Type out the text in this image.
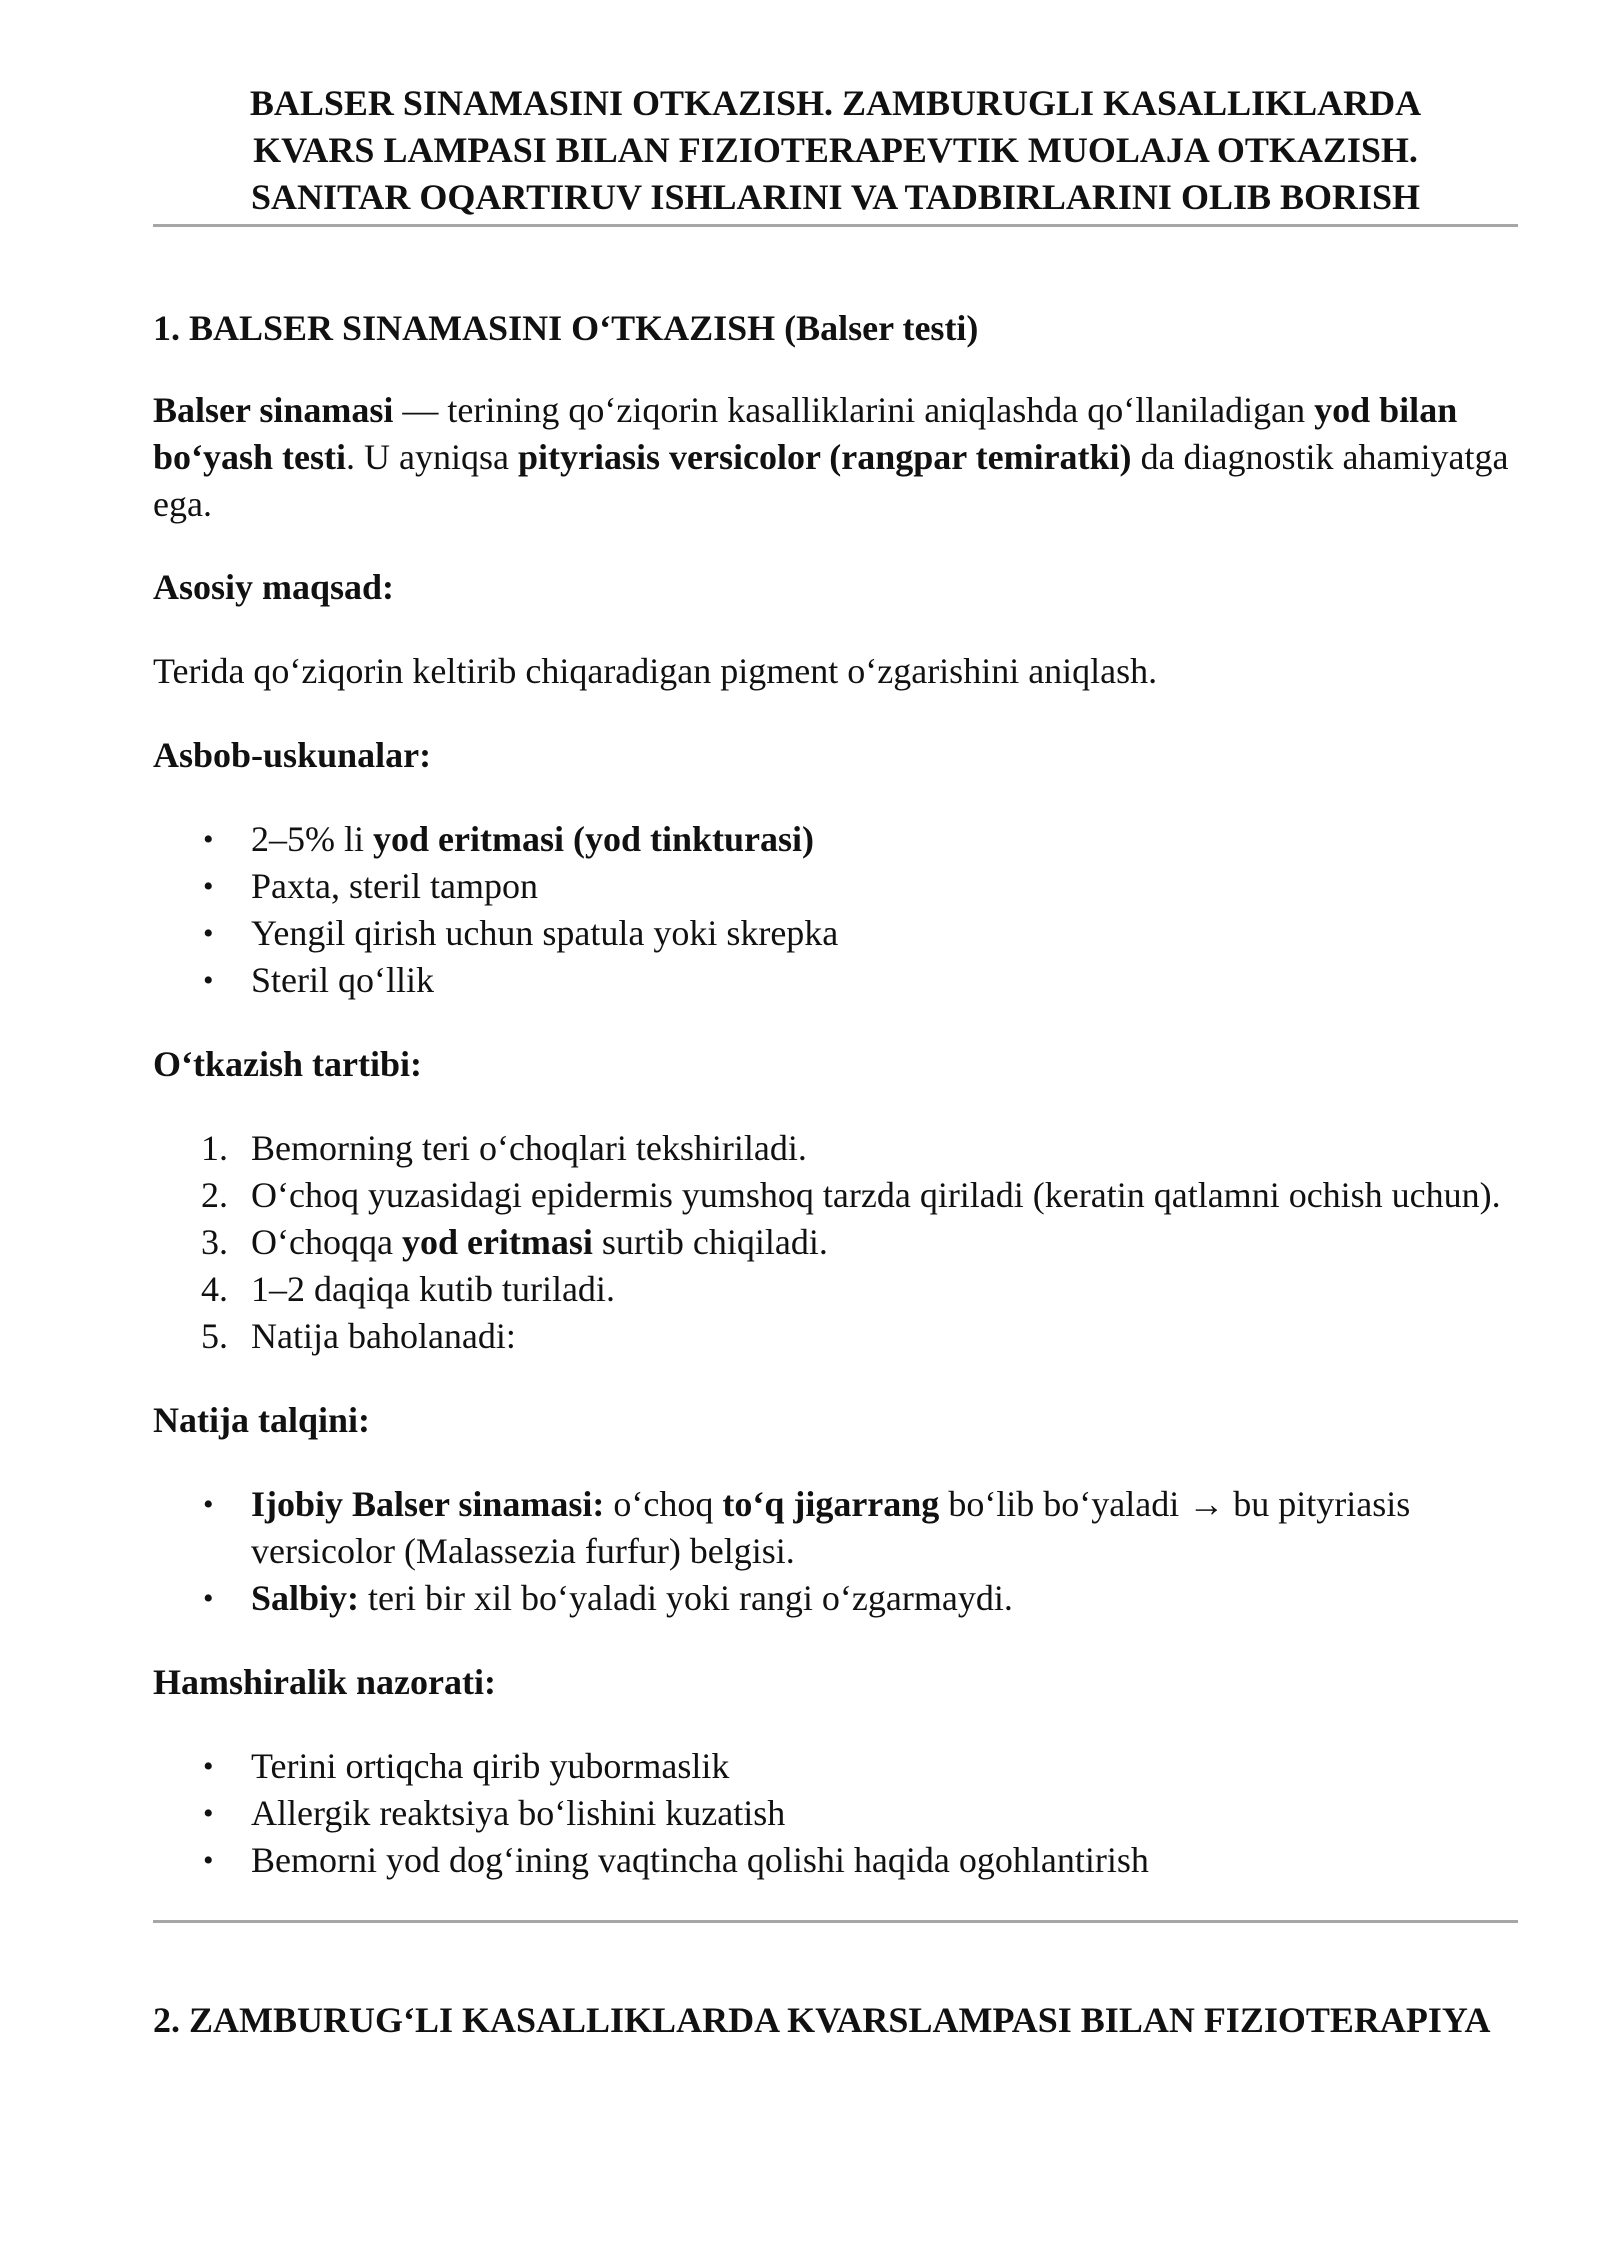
BALSER SINAMASINI OTKAZISH. ZAMBURUGLI KASALLIKLARDA
KVARS LAMPASI BILAN FIZIOTERAPEVTIK MUOLAJA OTKAZISH.
SANITAR OQARTIRUV ISHLARINI VA TADBIRLARINI OLIB BORISH
1. BALSER SINAMASINI O‘TKAZISH (Balser testi)

Balser sinamasi — terining qo‘ziqorin kasalliklarini aniqlashda qo‘llaniladigan yod bilan bo‘yash testi. U ayniqsa pityriasis versicolor (rangpar temiratki) da diagnostik ahamiyatga ega.

Asosiy maqsad:

Terida qo‘ziqorin keltirib chiqaradigan pigment o‘zgarishini aniqlash.

Asbob-uskunalar:
• 2–5% li yod eritmasi (yod tinkturasi)
• Paxta, steril tampon
• Yengil qirish uchun spatula yoki skrepka
• Steril qo‘llik
O‘tkazish tartibi:
1. Bemorning teri o‘choqlari tekshiriladi.
2. O‘choq yuzasidagi epidermis yumshoq tarzda qiriladi (keratin qatlamni ochish uchun).
3. O‘choqqa yod eritmasi surtib chiqiladi.
4. 1–2 daqiqa kutib turiladi.
5. Natija baholanadi:
Natija talqini:
• Ijobiy Balser sinamasi: o‘choq to‘q jigarrang bo‘lib bo‘yaladi → bu pityriasis versicolor (Malassezia furfur) belgisi.
• Salbiy: teri bir xil bo‘yaladi yoki rangi o‘zgarmaydi.
Hamshiralik nazorati:
• Terini ortiqcha qirib yubormaslik
• Allergik reaktsiya bo‘lishini kuzatish
• Bemorni yod dog‘ining vaqtincha qolishi haqida ogohlantirish
2. ZAMBURUG‘LI KASALLIKLARDA KVARSLAMPASI BILAN FIZIOTERAPIYA
